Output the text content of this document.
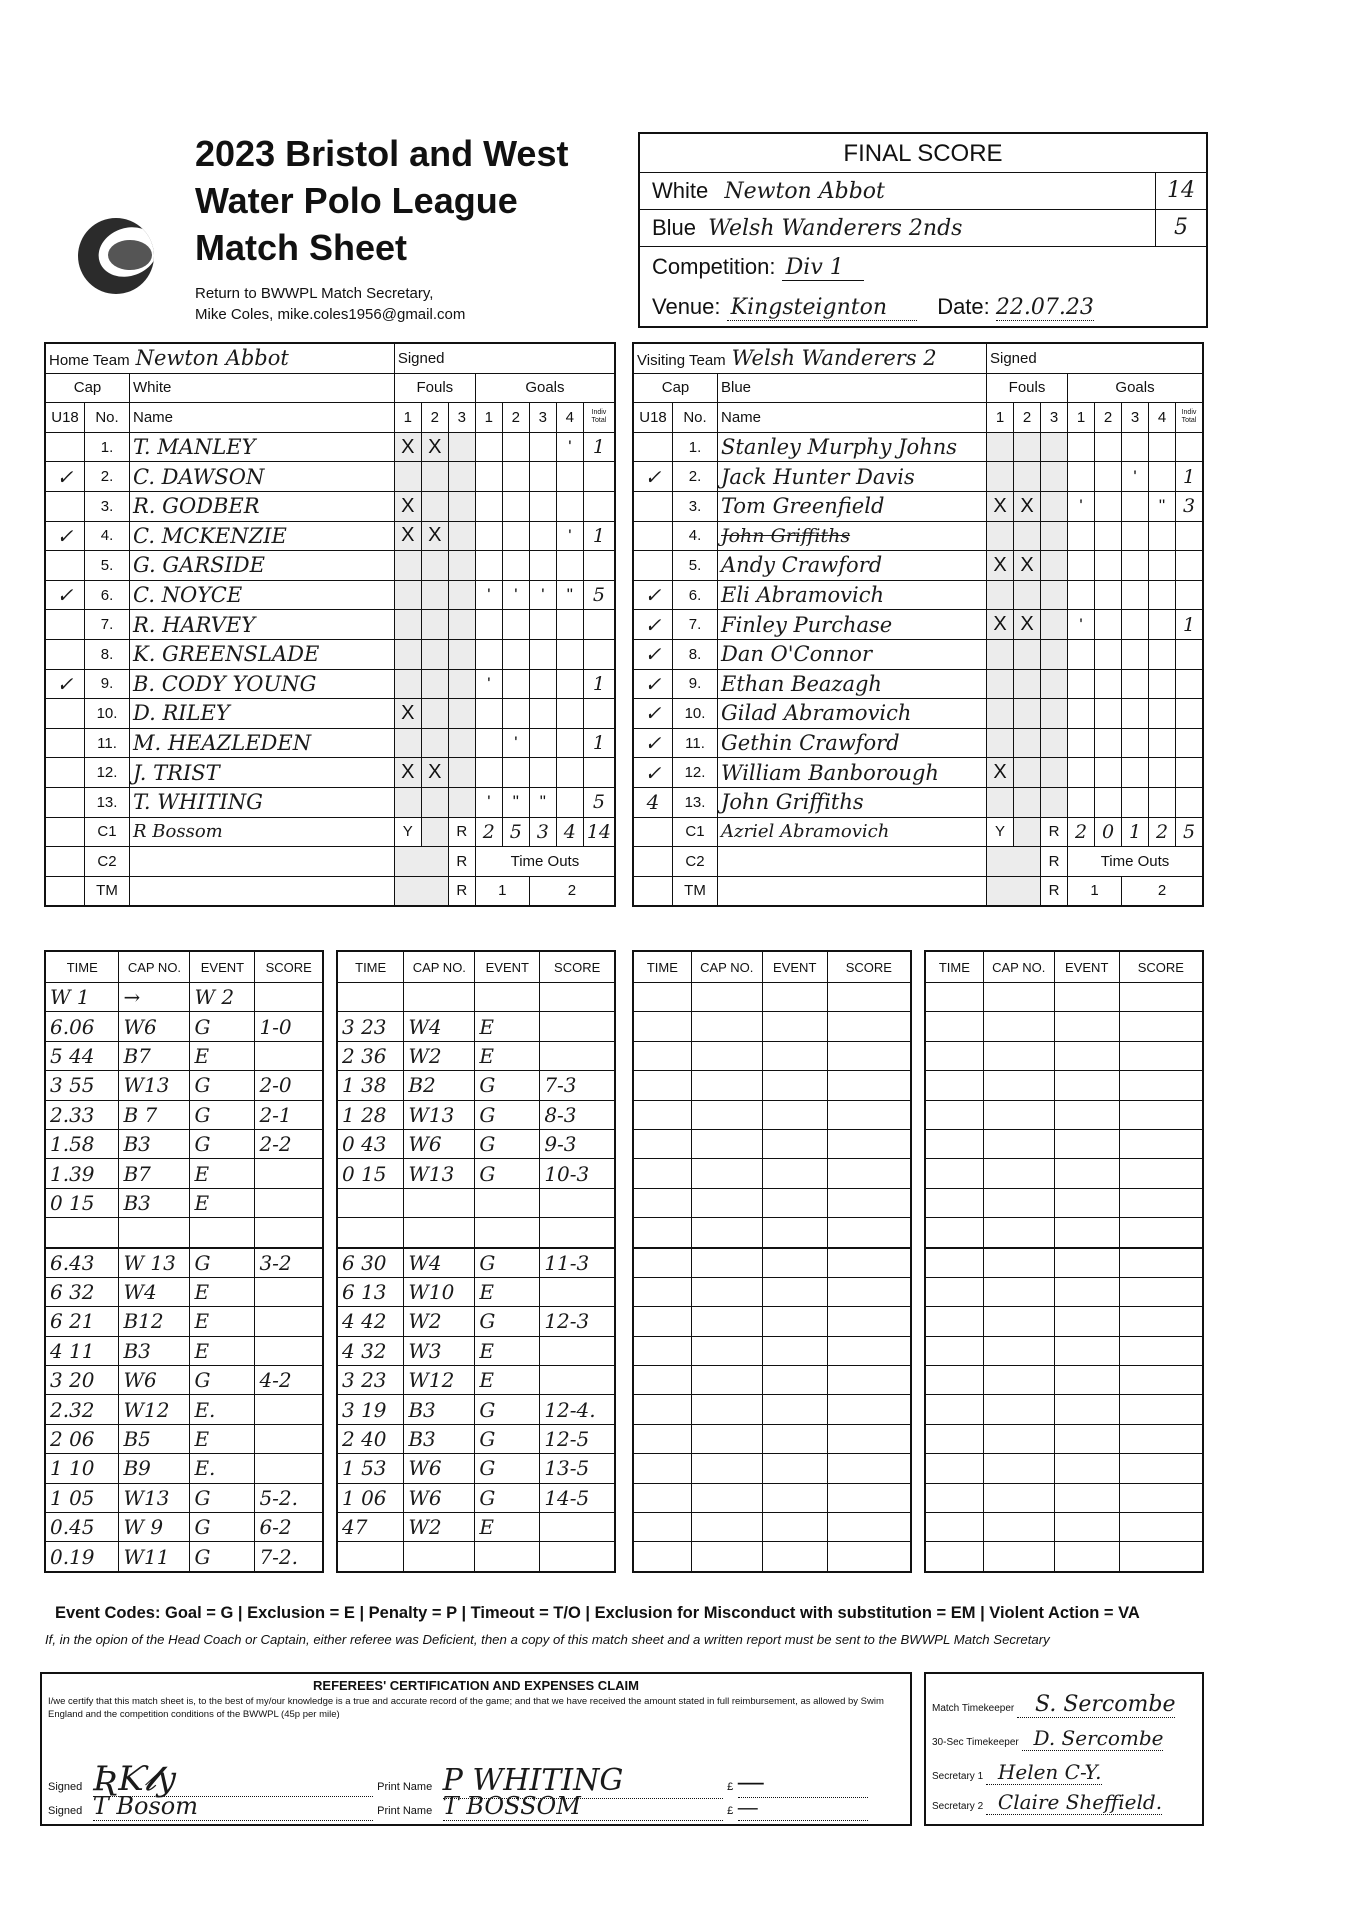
2023 Bristol and West
Water Polo League
Match Sheet
Return to BWWPL Match Secretary,
Mike Coles, mike.coles1956@gmail.com
FINAL SCORE
White Newton Abbot	14
Blue Welsh Wanderers 2nds	5
Competition: Div 1
Venue: Kingsteignton Date: 22.07.23
Home Team Newton Abbot			Signed							
Cap		White	Fouls			Goals				
U18	No.	Name	1	2	3	1	2	3	4	Indiv Total
	1.	T. MANLEY	X	X					'	1
✓	2.	C. DAWSON								
	3.	R. GODBER	X							
✓	4.	C. MCKENZIE	X	X					'	1
	5.	G. GARSIDE								
✓	6.	C. NOYCE				'	'	'	''	5
	7.	R. HARVEY								
	8.	K. GREENSLADE								
✓	9.	B. CODY YOUNG				'				1
	10.	D. RILEY	X							
	11.	M. HEAZLEDEN					'			1
	12.	J. TRIST	X	X						
	13.	T. WHITING				'	''	''		5
	C1	R Bossom	Y		R	2	5	3	4	14
	C2				R	Time Outs				
	TM				R	1		2		
Visiting Team Welsh Wanderers 2			Signed							
Cap		Blue	Fouls			Goals				
U18	No.	Name	1	2	3	1	2	3	4	Indiv Total
	1.	Stanley Murphy Johns								
✓	2.	Jack Hunter Davis						'		1
	3.	Tom Greenfield	X	X		'			''	3
	4.	John Griffiths								
	5.	Andy Crawford	X	X						
✓	6.	Eli Abramovich								
✓	7.	Finley Purchase	X	X		'				1
✓	8.	Dan O'Connor								
✓	9.	Ethan Beazagh								
✓	10.	Gilad Abramovich								
✓	11.	Gethin Crawford								
✓	12.	William Banborough	X							
4	13.	John Griffiths								
	C1	Azriel Abramovich	Y		R	2	0	1	2	5
	C2				R	Time Outs				
	TM				R	1		2		
TIME	CAP NO.	EVENT	SCORE
W 1	→	W 2	
6.06	W6	G	1-0
5 44	B7	E	
3 55	W13	G	2-0
2.33	B 7	G	2-1
1.58	B3	G	2-2
1.39	B7	E	
0 15	B3	E	

6.43	W 13	G	3-2
6 32	W4	E	
6 21	B12	E	
4 11	B3	E	
3 20	W6	G	4-2
2.32	W12	E.	
2 06	B5	E	
1 10	B9	E.	
1 05	W13	G	5-2.
0.45	W 9	G	6-2
0.19	W11	G	7-2.
TIME	CAP NO.	EVENT	SCORE

3 23	W4	E	
2 36	W2	E	
1 38	B2	G	7-3
1 28	W13	G	8-3
0 43	W6	G	9-3
0 15	W13	G	10-3

6 30	W4	G	11-3
6 13	W10	E	
4 42	W2	G	12-3
4 32	W3	E	
3 23	W12	E	
3 19	B3	G	12-4.
2 40	B3	G	12-5
1 53	W6	G	13-5
1 06	W6	G	14-5
47	W2	E	

TIME	CAP NO.	EVENT	SCORE

				TIME	CAP NO.	EVENT	SCORE

Event Codes: Goal = G | Exclusion = E | Penalty = P | Timeout = T/O | Exclusion for Misconduct with substitution = EM | Violent Action = VA
If, in the opion of the Head Coach or Captain, either referee was Deficient, then a copy of this match sheet and a written report must be sent to the BWWPL Match Secretary
REFEREES' CERTIFICATION AND EXPENSES CLAIM
I/we certify that this match sheet is, to the best of my/our knowledge is a true and accurate record of the game; and that we have received the amount stated in full reimbursement, as allowed by Swim England and the competition conditions of the BWWPL (45p per mile)
Signed ƦƘ𝓵y	Print Name P WHITING	£ —
Signed T Bosom	Print Name T BOSSOM	£ —
Match Timekeeper S. Sercombe
30-Sec Timekeeper D. Sercombe
Secretary 1 Helen C-Y.
Secretary 2 Claire Sheffield.
